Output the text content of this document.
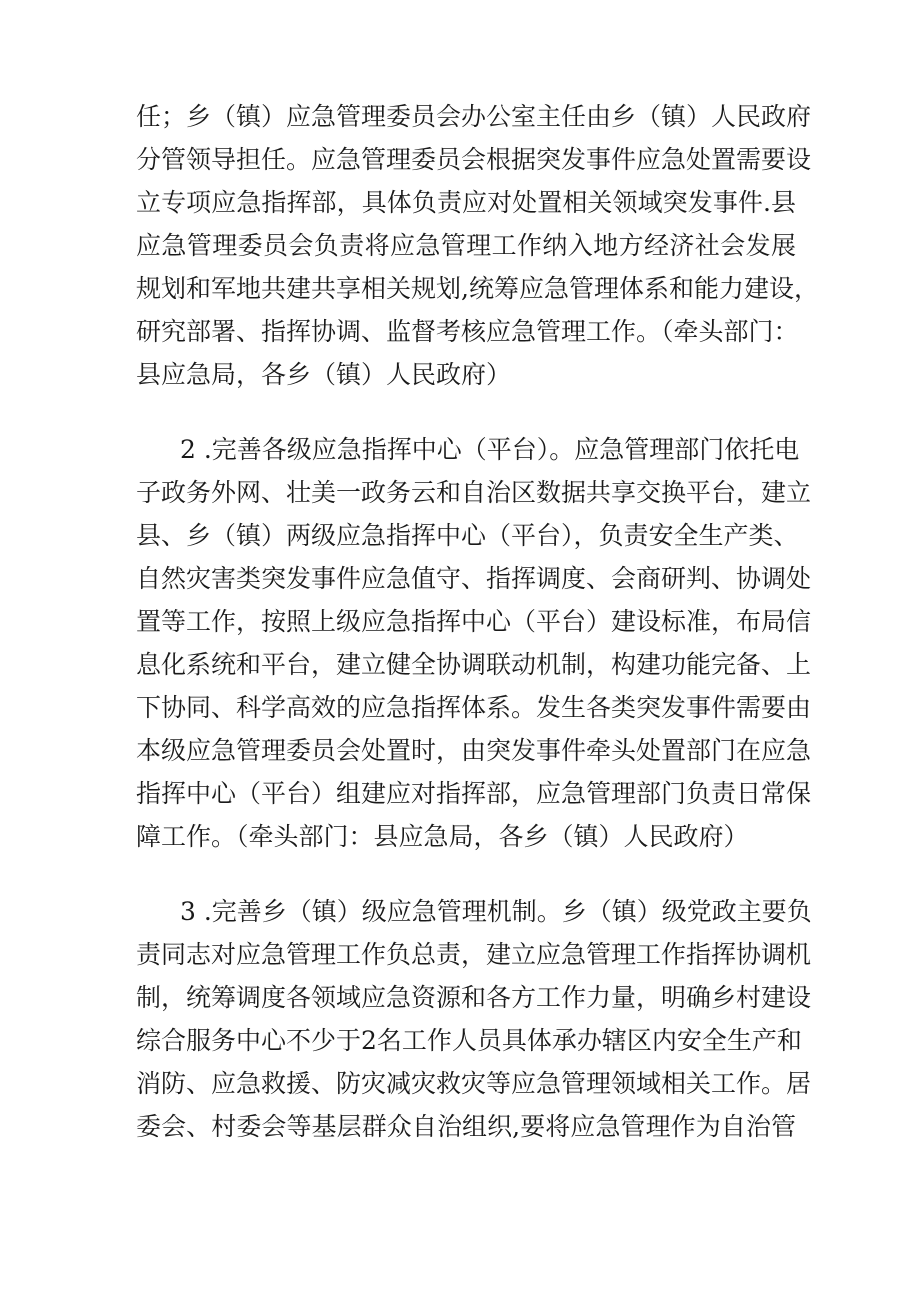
任；乡（镇）应急管理委员会办公室主任由乡（镇）人民政府
分管领导担任。应急管理委员会根据突发事件应急处置需要设
立专项应急指挥部，具体负责应对处置相关领域突发事件.县
应急管理委员会负责将应急管理工作纳入地方经济社会发展
规划和军地共建共享相关规划,统筹应急管理体系和能力建设，
研究部署、指挥协调、监督考核应急管理工作。（牵头部门：
县应急局，各乡（镇）人民政府）
2 .完善各级应急指挥中心（平台）。应急管理部门依托电
子政务外网、壮美一政务云和自治区数据共享交换平台，建立
县、乡（镇）两级应急指挥中心（平台），负责安全生产类、
自然灾害类突发事件应急值守、指挥调度、会商研判、协调处
置等工作，按照上级应急指挥中心（平台）建设标准，布局信
息化系统和平台，建立健全协调联动机制，构建功能完备、上
下协同、科学高效的应急指挥体系。发生各类突发事件需要由
本级应急管理委员会处置时，由突发事件牵头处置部门在应急
指挥中心（平台）组建应对指挥部，应急管理部门负责日常保
障工作。（牵头部门：县应急局，各乡（镇）人民政府）
3 .完善乡（镇）级应急管理机制。乡（镇）级党政主要负
责同志对应急管理工作负总责，建立应急管理工作指挥协调机
制，统筹调度各领域应急资源和各方工作力量，明确乡村建设
综合服务中心不少于2名工作人员具体承办辖区内安全生产和
消防、应急救援、防灾减灾救灾等应急管理领域相关工作。居
委会、村委会等基层群众自治组织,要将应急管理作为自治管
